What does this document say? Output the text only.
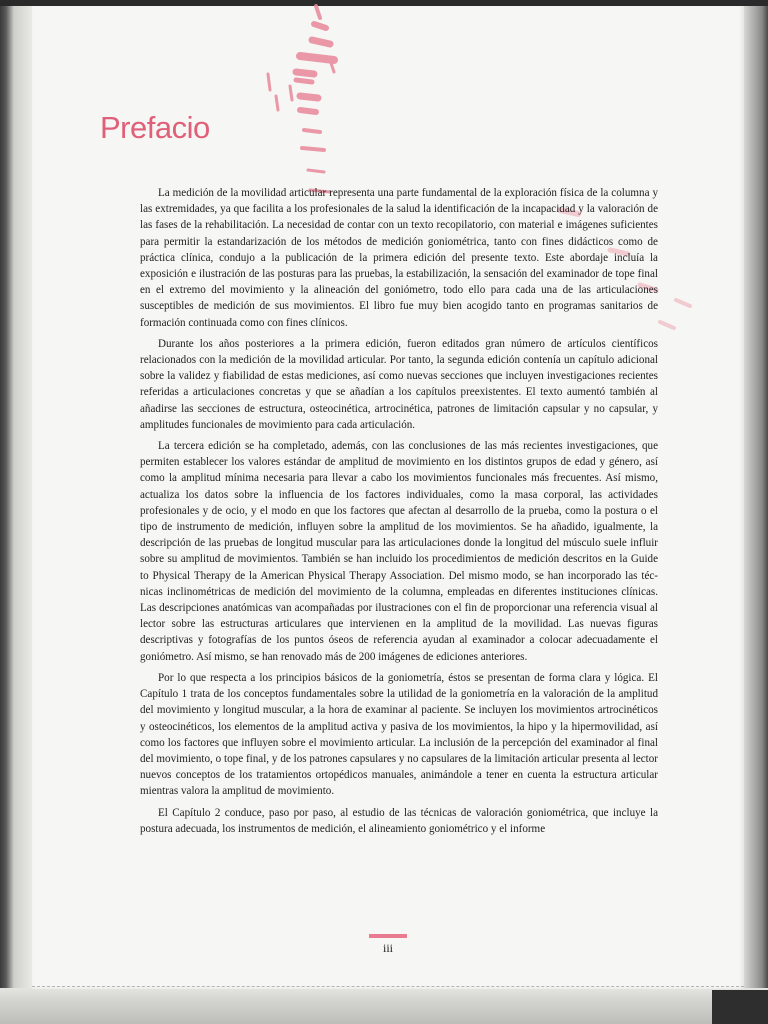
Prefacio

La medición de la movilidad articular representa una parte fundamental de la exploración física de la columna y las extremidades, ya que facilita a los profesionales de la salud la identificación de la incapacidad y la valoración de las fases de la rehabilitación. La necesidad de contar con un texto recopilatorio, con material e imágenes suficientes para permitir la estandarización de los métodos de medición goniométrica, tanto con fines didácticos como de práctica clínica, condujo a la publicación de la primera edición del presente texto. Este abordaje incluía la exposición e ilustración de las posturas para las pruebas, la estabilización, la sensación del examinador de tope final en el extremo del movimiento y la alineación del goniómetro, todo ello para cada una de las articulaciones susceptibles de medición de sus movimientos. El libro fue muy bien acogido tanto en programas sanitarios de formación continuada como con fines clínicos.

Durante los años posteriores a la primera edición, fueron editados gran número de artículos científicos relacionados con la medición de la movilidad articular. Por tanto, la segunda edición contenía un capítulo adicional sobre la validez y fiabilidad de estas mediciones, así como nuevas secciones que incluyen investigaciones recientes referidas a articulaciones concretas y que se añadían a los capítulos preexistentes. El texto aumentó también al añadirse las secciones de estructura, osteocinética, artrocinética, patrones de limitación capsular y no capsular, y amplitudes funcionales de movimiento para cada articulación.

La tercera edición se ha completado, además, con las conclusiones de las más recientes investigaciones, que permiten establecer los valores estándar de amplitud de movimiento en los distintos grupos de edad y género, así como la amplitud mínima necesaria para llevar a cabo los movimientos funcionales más frecuentes. Así mismo, actualiza los datos sobre la influencia de los factores individuales, como la masa corporal, las actividades profesionales y de ocio, y el modo en que los factores que afectan al desarrollo de la prueba, como la postura o el tipo de instrumento de medición, influyen sobre la amplitud de los movimientos. Se ha añadido, igualmente, la descripción de las pruebas de longitud muscular para las articulaciones donde la longitud del músculo suele influir sobre su amplitud de movimientos. También se han incluido los procedimientos de medición descritos en la Guide to Physical Therapy de la American Physical Therapy Association. Del mismo modo, se han incorporado las técnicas inclinométricas de medición del movimiento de la columna, empleadas en diferentes instituciones clínicas. Las descripciones anatómicas van acompañadas por ilustraciones con el fin de proporcionar una referencia visual al lector sobre las estructuras articulares que intervienen en la amplitud de la movilidad. Las nuevas figuras descriptivas y fotografías de los puntos óseos de referencia ayudan al examinador a colocar adecuadamente el goniómetro. Así mismo, se han renovado más de 200 imágenes de ediciones anteriores.

Por lo que respecta a los principios básicos de la goniometría, éstos se presentan de forma clara y lógica. El Capítulo 1 trata de los conceptos fundamentales sobre la utilidad de la goniometría en la valoración de la amplitud del movimiento y longitud muscular, a la hora de examinar al paciente. Se incluyen los movimientos artrocinéticos y osteocinéticos, los elementos de la amplitud activa y pasiva de los movimientos, la hipo y la hipermovilidad, así como los factores que influyen sobre el movimiento articular. La inclusión de la percepción del examinador al final del movimiento, o tope final, y de los patrones capsulares y no capsulares de la limitación articular presenta al lector nuevos conceptos de los tratamientos ortopédicos manuales, animándole a tener en cuenta la estructura articular mientras valora la amplitud de movimiento.

El Capítulo 2 conduce, paso por paso, al estudio de las técnicas de valoración goniométrica, que incluye la postura adecuada, los instrumentos de medición, el alineamiento goniométrico y el informe

iii
